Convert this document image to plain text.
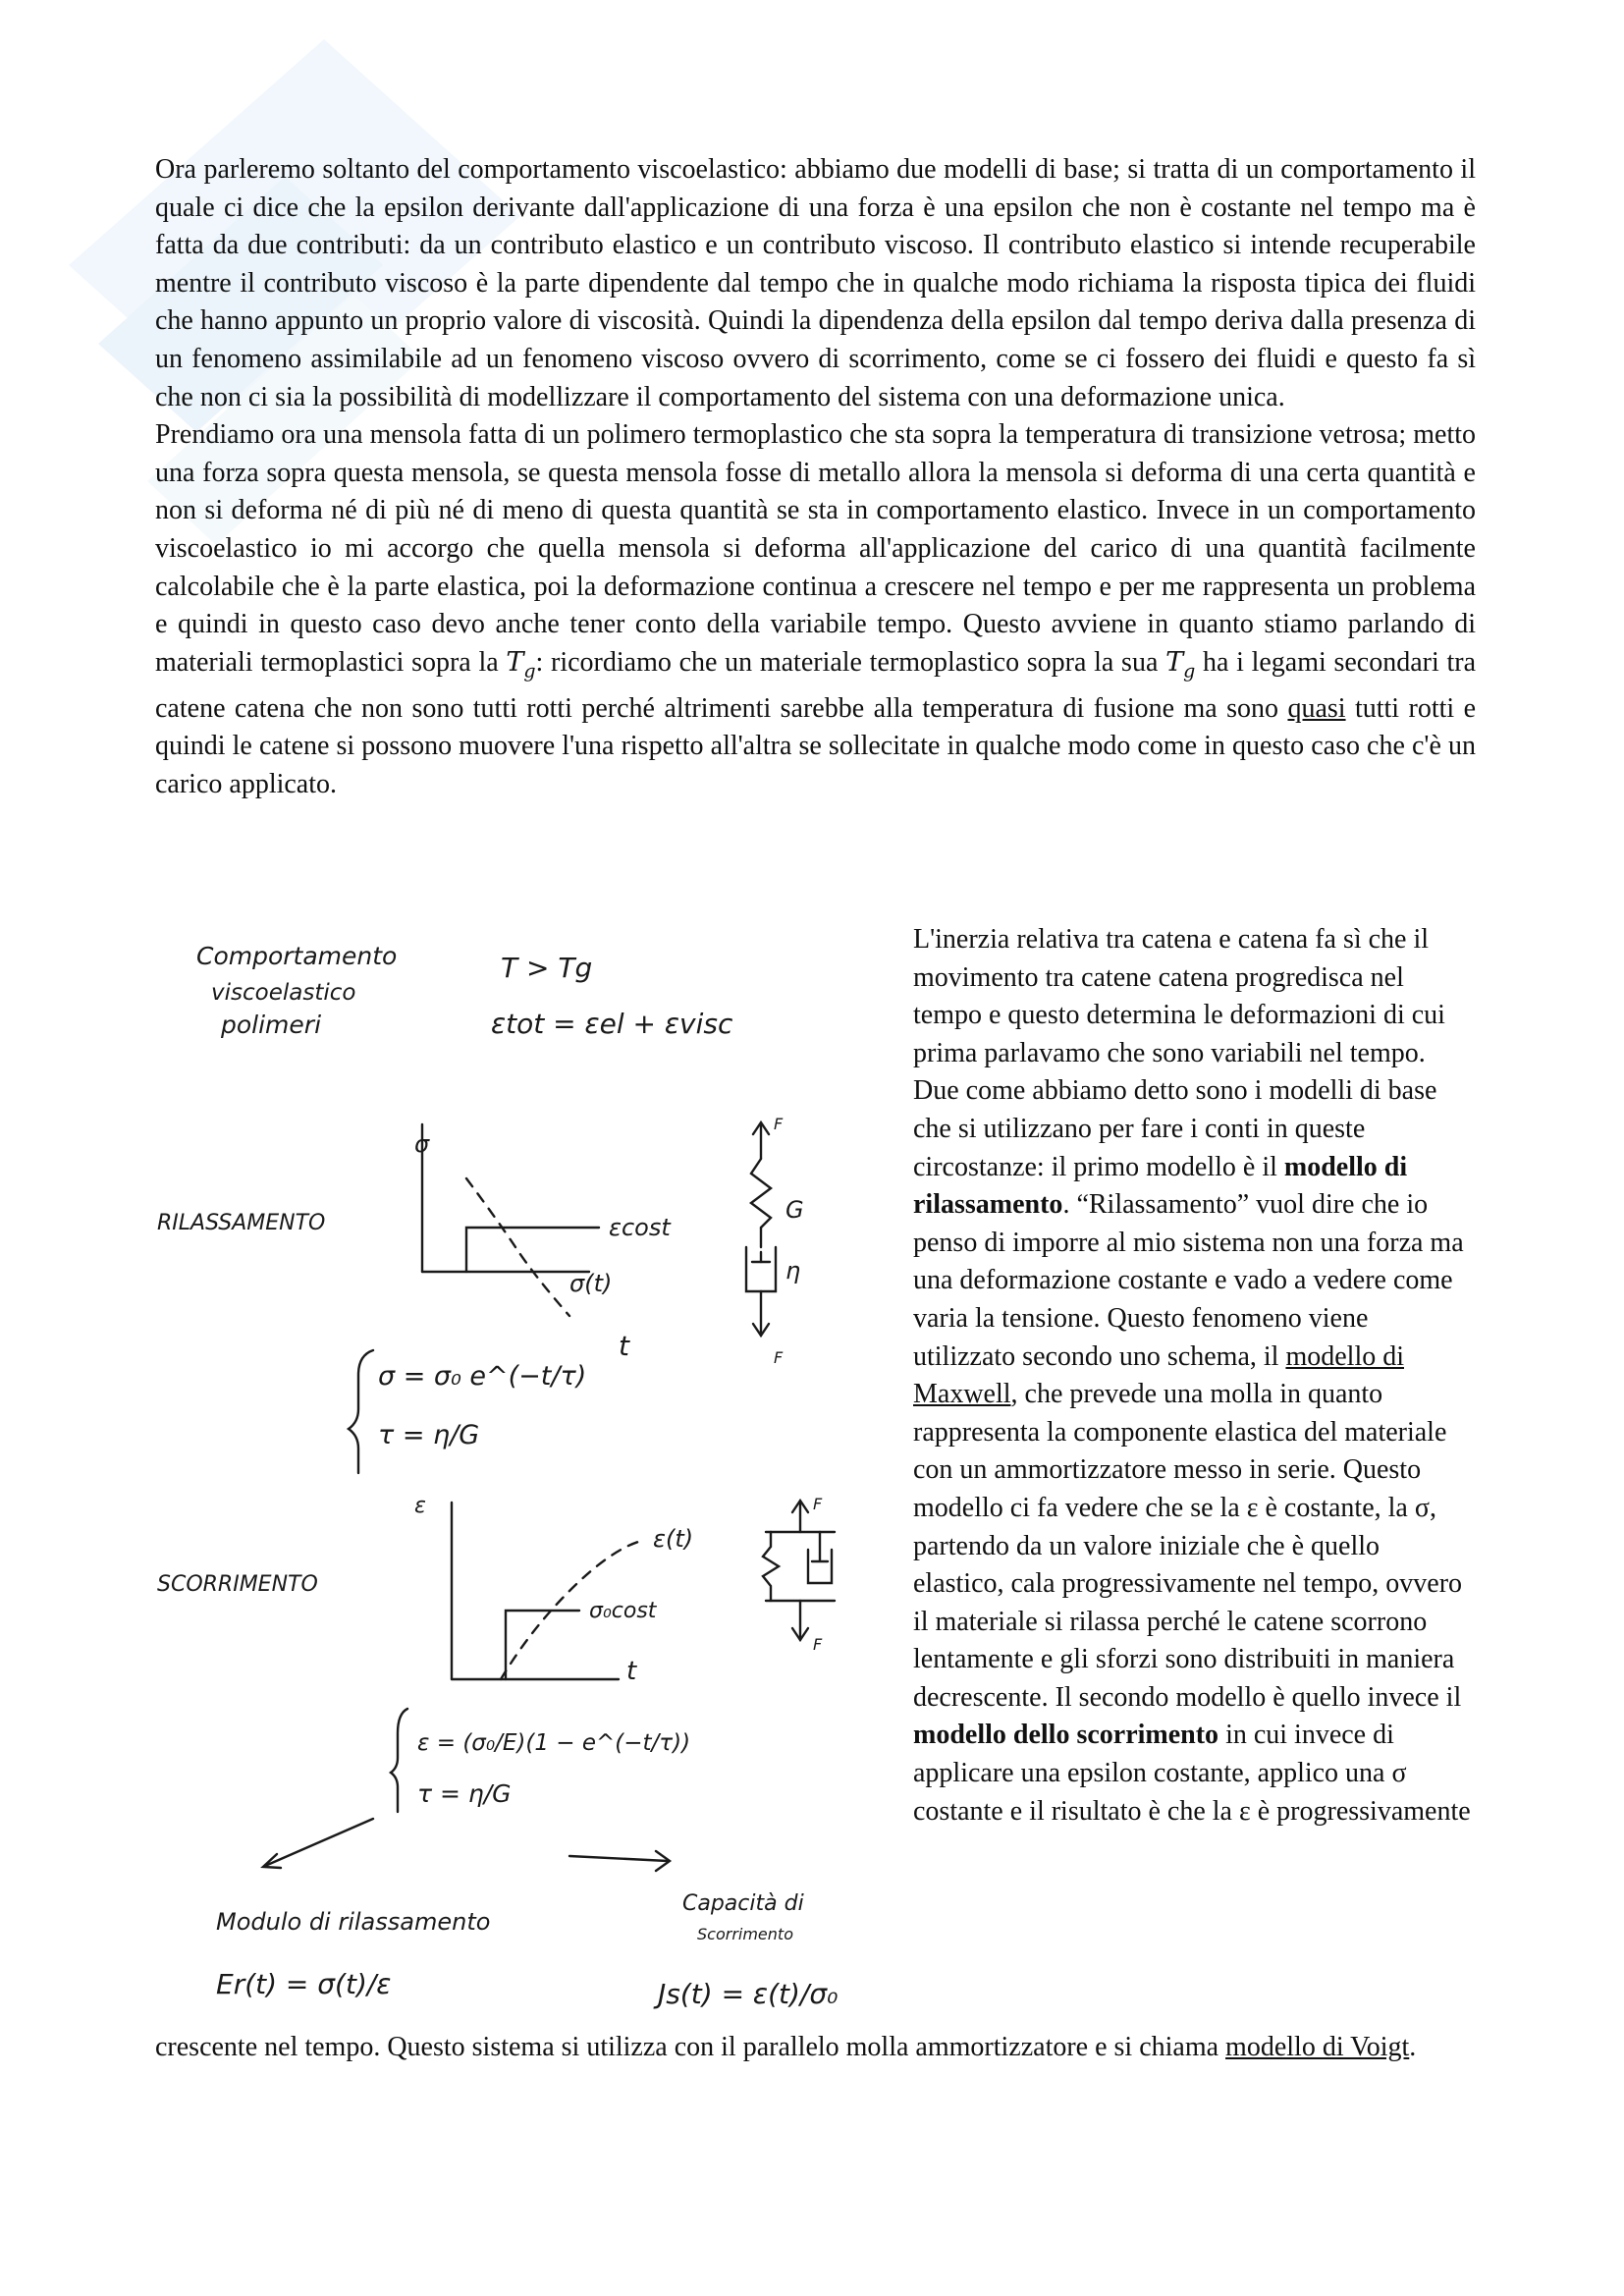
Ora parleremo soltanto del comportamento viscoelastico: abbiamo due modelli di base; si tratta di un comportamento il quale ci dice che la epsilon derivante dall'applicazione di una forza è una epsilon che non è costante nel tempo ma è fatta da due contributi: da un contributo elastico e un contributo viscoso. Il contributo elastico si intende recuperabile mentre il contributo viscoso è la parte dipendente dal tempo che in qualche modo richiama la risposta tipica dei fluidi che hanno appunto un proprio valore di viscosità. Quindi la dipendenza della epsilon dal tempo deriva dalla presenza di un fenomeno assimilabile ad un fenomeno viscoso ovvero di scorrimento, come se ci fossero dei fluidi e questo fa sì che non ci sia la possibilità di modellizzare il comportamento del sistema con una deformazione unica.

Prendiamo ora una mensola fatta di un polimero termoplastico che sta sopra la temperatura di transizione vetrosa; metto una forza sopra questa mensola, se questa mensola fosse di metallo allora la mensola si deforma di una certa quantità e non si deforma né di più né di meno di questa quantità se sta in comportamento elastico. Invece in un comportamento viscoelastico io mi accorgo che quella mensola si deforma all'applicazione del carico di una quantità facilmente calcolabile che è la parte elastica, poi la deformazione continua a crescere nel tempo e per me rappresenta un problema e quindi in questo caso devo anche tener conto della variabile tempo. Questo avviene in quanto stiamo parlando di materiali termoplastici sopra la $T_g$: ricordiamo che un materiale termoplastico sopra la sua $T_g$ ha i legami secondari tra catene catena che non sono tutti rotti perché altrimenti sarebbe alla temperatura di fusione ma sono quasi tutti rotti e quindi le catene si possono muovere l'una rispetto all'altra se sollecitate in qualche modo come in questo caso che c'è un carico applicato.

Comportamento
viscoelastico
polimeri
T > Tg
εtot = εel + εvisc
RILASSAMENTO
σ
t
εcost
σ(t)
σ = σ₀ e^(−t/τ)
τ = η/G
F
G
η
F
SCORRIMENTO
ε
t
σ₀cost
ε(t)
ε = (σ₀/E)(1 − e^(−t/τ))
τ = η/G
F
F
Modulo di rilassamento
Er(t) = σ(t)/ε
Capacità di
Scorrimento
Js(t) = ε(t)/σ₀

L'inerzia relativa tra catena e catena fa sì che il movimento tra catene catena progredisca nel tempo e questo determina le deformazioni di cui prima parlavamo che sono variabili nel tempo. Due come abbiamo detto sono i modelli di base che si utilizzano per fare i conti in queste circostanze: il primo modello è il modello di rilassamento. “Rilassamento” vuol dire che io penso di imporre al mio sistema non una forza ma una deformazione costante e vado a vedere come varia la tensione. Questo fenomeno viene utilizzato secondo uno schema, il modello di Maxwell, che prevede una molla in quanto rappresenta la componente elastica del materiale con un ammortizzatore messo in serie. Questo modello ci fa vedere che se la ε è costante, la σ, partendo da un valore iniziale che è quello elastico, cala progressivamente nel tempo, ovvero il materiale si rilassa perché le catene scorrono lentamente e gli sforzi sono distribuiti in maniera decrescente. Il secondo modello è quello invece il modello dello scorrimento in cui invece di applicare una epsilon costante, applico una σ costante e il risultato è che la ε è progressivamente

crescente nel tempo. Questo sistema si utilizza con il parallelo molla ammortizzatore e si chiama modello di Voigt.
